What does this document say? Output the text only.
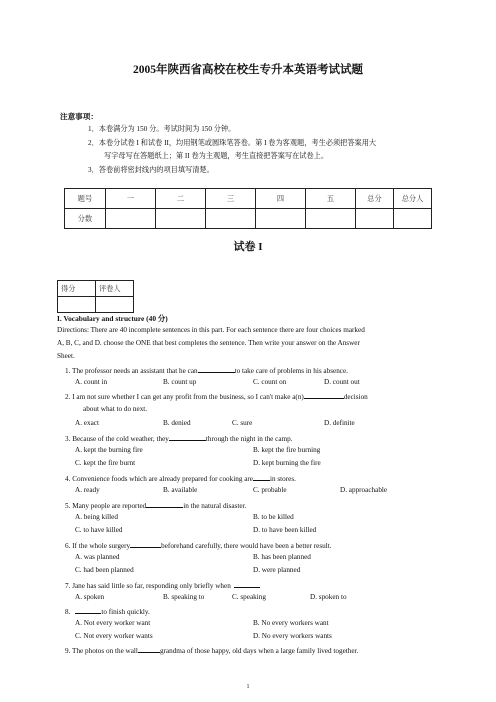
2005年陕西省高校在校生专升本英语考试试题
注意事项：
1．本卷满分为 150 分。考试时间为 150 分钟。
2．本卷分试卷 I 和试卷 II，均用钢笔或圆珠笔答卷。第 I 卷为客观题，考生必须把答案用大
写字母写在答题纸上；第 II 卷为主观题，考生直接把答案写在试卷上。
3．答卷前将密封线内的项目填写清楚。
题号	一	二	三	四	五	总分	总分人
分数							
试卷 I
得分	评卷人

I. Vocabulary and structure (40 分)
Directions: There are 40 incomplete sentences in this part. For each sentence there are four choices marked
A, B, C, and D. choose the ONE that best completes the sentence. Then write your answer on the Answer
Sheet.
1. The professor needs an assistant that he can	to take care of problems in his absence.
A. count in	B. count up	C. count on	D. count out
2. I am not sure whether I can get any profit from the business, so I can't make a(n)	decision
about what to do next.
A. exact	B. denied	C. sure	D. definite
3. Because of the cold weather, they	through the night in the camp.
A. kept the burning fire	B. kept the fire burning
C. kept the fire burnt	D. kept burning the fire
4. Convenience foods which are already prepared for cooking are in stores.
A. ready	B. available	C. probable	D. approachable
5. Many people are reported	in the natural disaster.
A. being killed	B. to be killed
C. to have killed	D. to have been killed
6. If the whole surgery	beforehand carefully, there would have been a better result.
A. was planned	B. has been planned
C. had been planned	D. were planned
7. Jane has said little so far, responding only briefly when
A. spoken	B. speaking to	C. speaking	D. spoken to
8.	to finish quickly.
A. Not every worker want	B. No every workers want
C. Not every worker wants	D. No every workers wants
9. The photos on the wall	grandma of those happy, old days when a large family lived together.
1
